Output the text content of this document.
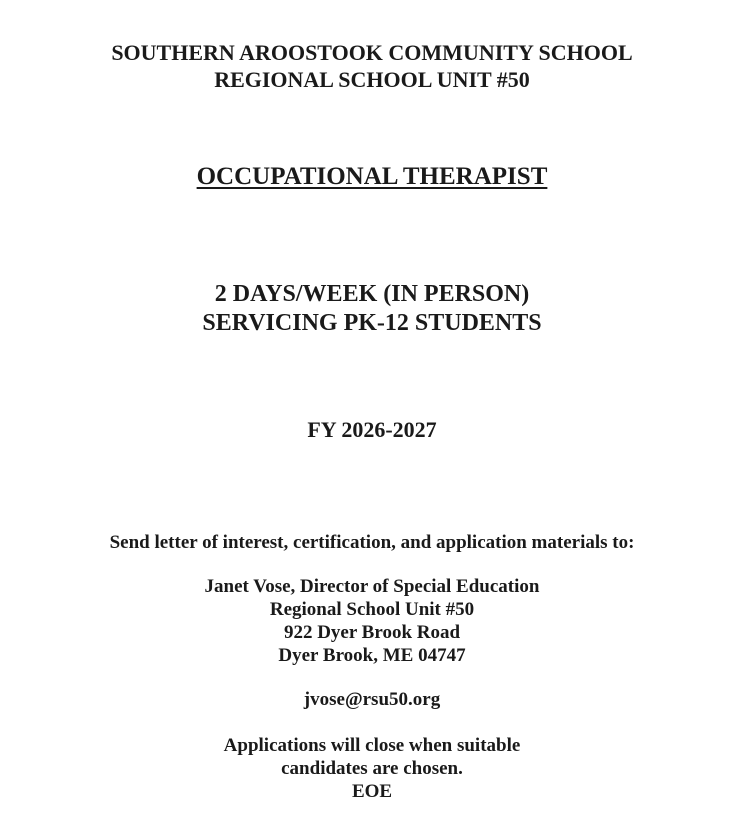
SOUTHERN AROOSTOOK COMMUNITY SCHOOL
REGIONAL SCHOOL UNIT #50
OCCUPATIONAL THERAPIST
2 DAYS/WEEK (IN PERSON)
SERVICING PK-12 STUDENTS
FY 2026-2027
Send letter of interest, certification, and application materials to:
Janet Vose, Director of Special Education
Regional School Unit #50
922 Dyer Brook Road
Dyer Brook, ME 04747
jvose@rsu50.org
Applications will close when suitable
candidates are chosen.
EOE
